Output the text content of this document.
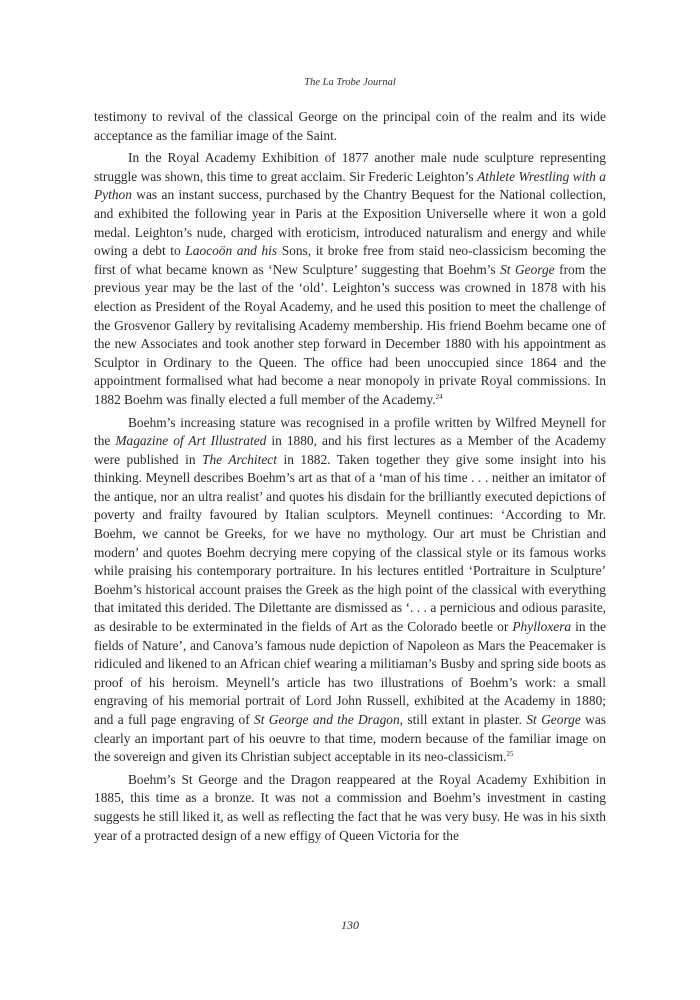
The La Trobe Journal

testimony to revival of the classical George on the principal coin of the realm and its wide acceptance as the familiar image of the Saint.

In the Royal Academy Exhibition of 1877 another male nude sculpture representing struggle was shown, this time to great acclaim. Sir Frederic Leighton’s Athlete Wrestling with a Python was an instant success, purchased by the Chantry Bequest for the National collection, and exhibited the following year in Paris at the Exposition Universelle where it won a gold medal. Leighton’s nude, charged with eroticism, introduced naturalism and energy and while owing a debt to Laocoön and his Sons, it broke free from staid neo-classicism becoming the first of what became known as ‘New Sculpture’ suggesting that Boehm’s St George from the previous year may be the last of the ‘old’. Leighton’s success was crowned in 1878 with his election as President of the Royal Academy, and he used this position to meet the challenge of the Grosvenor Gallery by revitalising Academy membership. His friend Boehm became one of the new Associates and took another step forward in December 1880 with his appointment as Sculptor in Ordinary to the Queen. The office had been unoccupied since 1864 and the appointment formalised what had become a near monopoly in private Royal commissions. In 1882 Boehm was finally elected a full member of the Academy.$^{24}$

Boehm’s increasing stature was recognised in a profile written by Wilfred Meynell for the Magazine of Art Illustrated in 1880, and his first lectures as a Member of the Academy were published in The Architect in 1882. Taken together they give some insight into his thinking. Meynell describes Boehm’s art as that of a ‘man of his time . . . neither an imitator of the antique, nor an ultra realist’ and quotes his disdain for the brilliantly executed depictions of poverty and frailty favoured by Italian sculptors. Meynell continues: ‘According to Mr. Boehm, we cannot be Greeks, for we have no mythology. Our art must be Christian and modern’ and quotes Boehm decrying mere copying of the classical style or its famous works while praising his contemporary portraiture. In his lectures entitled ‘Portraiture in Sculpture’ Boehm’s historical account praises the Greek as the high point of the classical with everything that imitated this derided. The Dilettante are dismissed as ‘. . . a pernicious and odious parasite, as desirable to be exterminated in the fields of Art as the Colorado beetle or Phylloxera in the fields of Nature’, and Canova’s famous nude depiction of Napoleon as Mars the Peacemaker is ridiculed and likened to an African chief wearing a militiaman’s Busby and spring side boots as proof of his heroism. Meynell’s article has two illustrations of Boehm’s work: a small engraving of his memorial portrait of Lord John Russell, exhibited at the Academy in 1880; and a full page engraving of St George and the Dragon, still extant in plaster. St George was clearly an important part of his oeuvre to that time, modern because of the familiar image on the sovereign and given its Christian subject acceptable in its neo-classicism.$^{25}$

Boehm’s St George and the Dragon reappeared at the Royal Academy Exhibition in 1885, this time as a bronze. It was not a commission and Boehm’s investment in casting suggests he still liked it, as well as reflecting the fact that he was very busy. He was in his sixth year of a protracted design of a new effigy of Queen Victoria for the

130
